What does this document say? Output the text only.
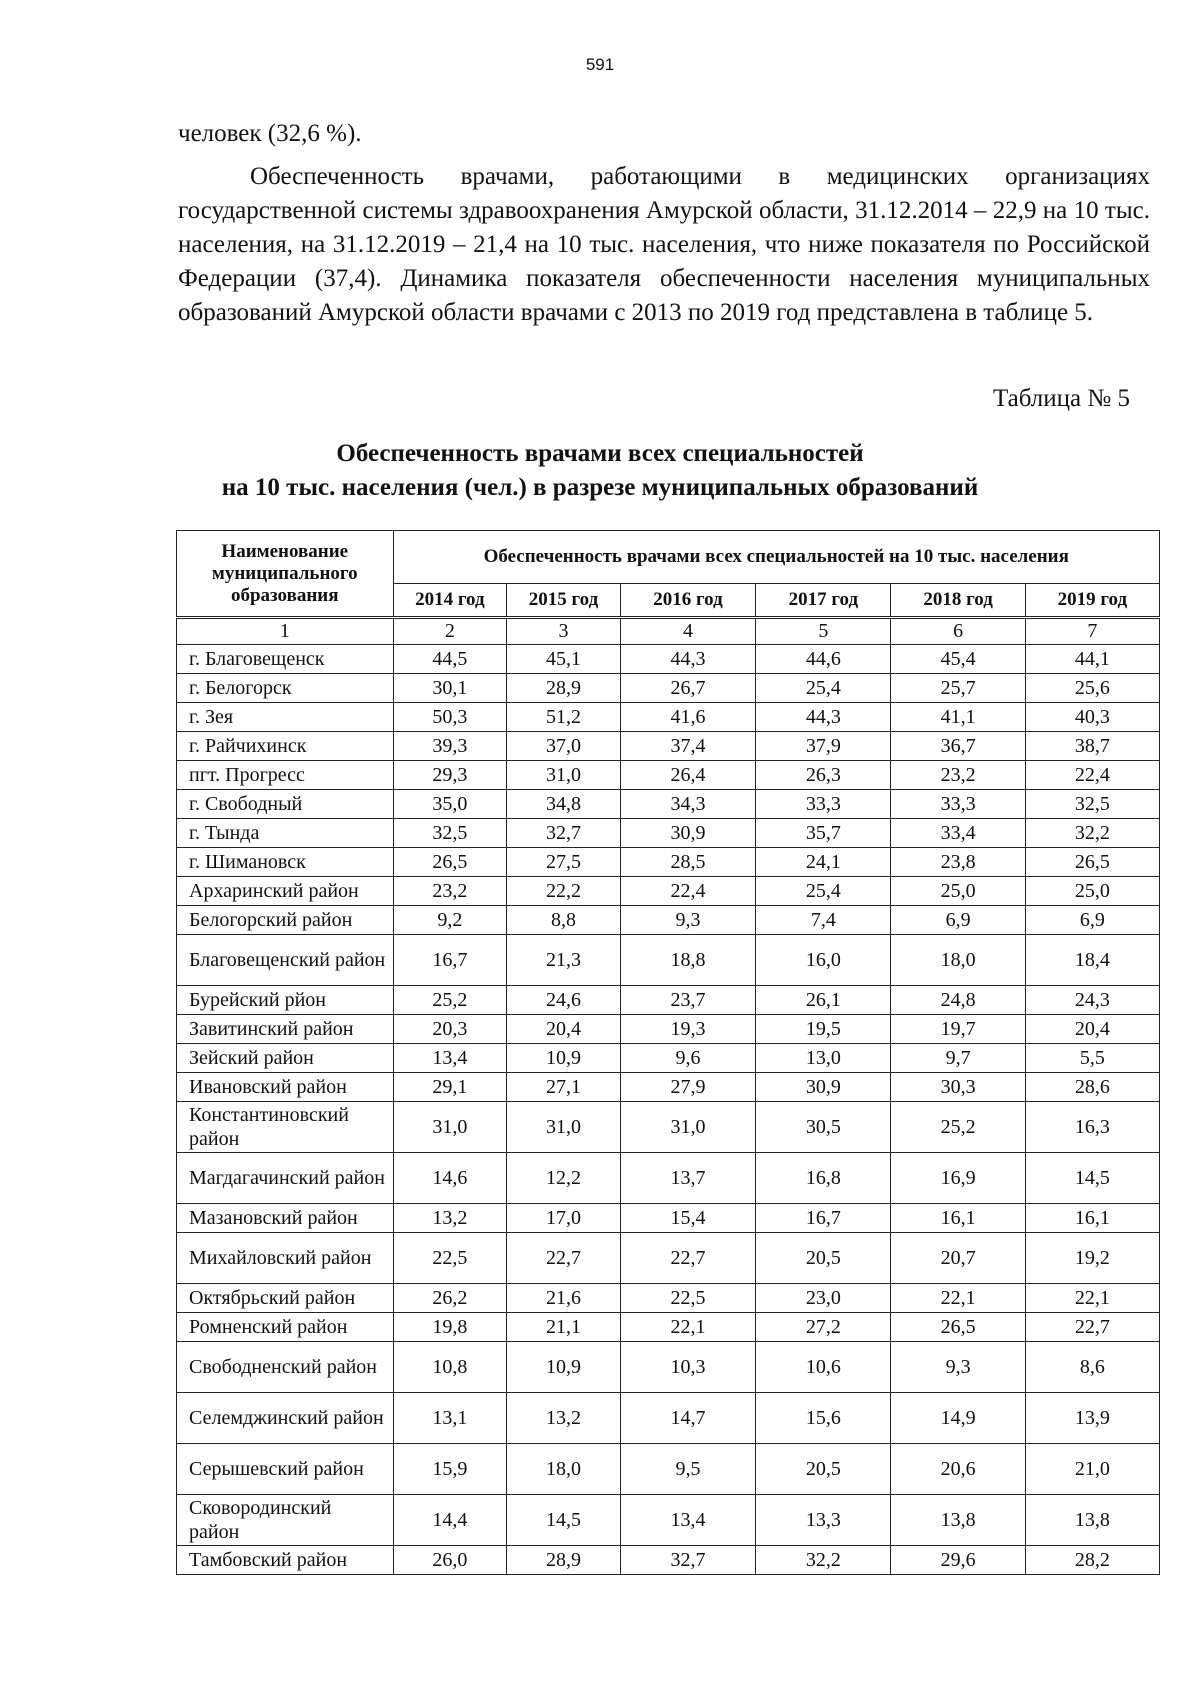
591
человек (32,6 %).

Обеспеченность врачами, работающими в медицинских организациях государственной системы здравоохранения Амурской области, 31.12.2014 – 22,9 на 10 тыс. населения, на 31.12.2019 – 21,4 на 10 тыс. населения, что ниже показателя по Российской Федерации (37,4). Динамика показателя обеспеченности населения муниципальных образований Амурской области врачами с 2013 по 2019 год представлена в таблице 5.

Таблица № 5
Обеспеченность врачами всех специальностей
на 10 тыс. населения (чел.) в разрезе муниципальных образований
Наименование муниципального образования	Обеспеченность врачами всех специальностей на 10 тыс. населения					
	2014 год	2015 год	2016 год	2017 год	2018 год	2019 год
1	2	3	4	5	6	7
г. Благовещенск	44,5	45,1	44,3	44,6	45,4	44,1
г. Белогорск	30,1	28,9	26,7	25,4	25,7	25,6
г. Зея	50,3	51,2	41,6	44,3	41,1	40,3
г. Райчихинск	39,3	37,0	37,4	37,9	36,7	38,7
пгт. Прогресс	29,3	31,0	26,4	26,3	23,2	22,4
г. Свободный	35,0	34,8	34,3	33,3	33,3	32,5
г. Тында	32,5	32,7	30,9	35,7	33,4	32,2
г. Шимановск	26,5	27,5	28,5	24,1	23,8	26,5
Архаринский район	23,2	22,2	22,4	25,4	25,0	25,0
Белогорский район	9,2	8,8	9,3	7,4	6,9	6,9
Благовещенский район	16,7	21,3	18,8	16,0	18,0	18,4
Бурейский рйон	25,2	24,6	23,7	26,1	24,8	24,3
Завитинский район	20,3	20,4	19,3	19,5	19,7	20,4
Зейский район	13,4	10,9	9,6	13,0	9,7	5,5
Ивановский район	29,1	27,1	27,9	30,9	30,3	28,6
Константиновский район	31,0	31,0	31,0	30,5	25,2	16,3
Магдагачинский район	14,6	12,2	13,7	16,8	16,9	14,5
Мазановский район	13,2	17,0	15,4	16,7	16,1	16,1
Михайловский район	22,5	22,7	22,7	20,5	20,7	19,2
Октябрьский район	26,2	21,6	22,5	23,0	22,1	22,1
Ромненский район	19,8	21,1	22,1	27,2	26,5	22,7
Свободненский район	10,8	10,9	10,3	10,6	9,3	8,6
Селемджинский район	13,1	13,2	14,7	15,6	14,9	13,9
Серышевский район	15,9	18,0	9,5	20,5	20,6	21,0
Сковородинский район	14,4	14,5	13,4	13,3	13,8	13,8
Тамбовский район	26,0	28,9	32,7	32,2	29,6	28,2
